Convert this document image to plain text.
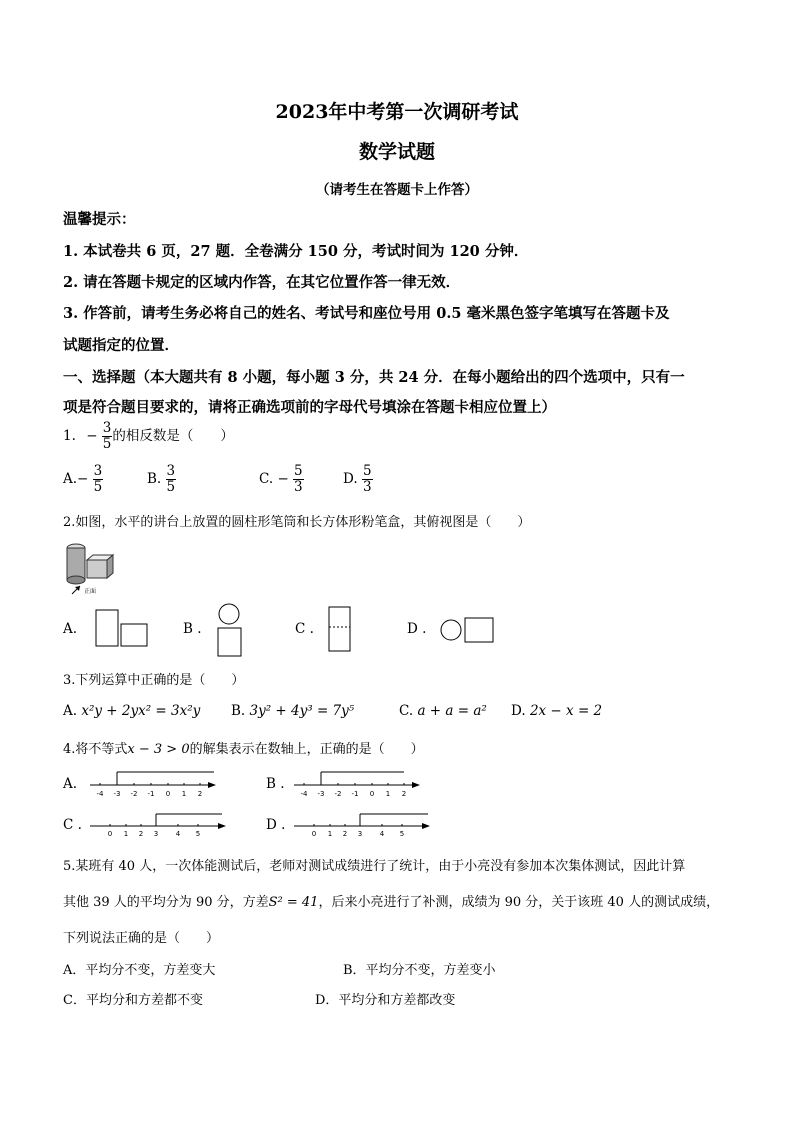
2023年中考第一次调研考试
数学试题
（请考生在答题卡上作答）
温馨提示：
1. 本试卷共 6 页，27 题．全卷满分 150 分，考试时间为 120 分钟．
2. 请在答题卡规定的区域内作答，在其它位置作答一律无效．
3. 作答前，请考生务必将自己的姓名、考试号和座位号用 0.5 毫米黑色签字笔填写在答题卡及
试题指定的位置．
一、选择题（本大题共有 8 小题，每小题 3 分，共 24 分．在每小题给出的四个选项中，只有一
项是符合题目要求的，请将正确选项前的字母代号填涂在答题卡相应位置上）
1. − $\frac{3}{5}$ 的相反数是（　　）
$A.- \frac{3}{5}$	B. $\frac{3}{5}$	C. − $\frac{5}{3}$	D. $\frac{5}{3}$
2.如图，水平的讲台上放置的圆柱形笔筒和长方体形粉笔盒，其俯视图是（　　）
正面
A.	B .	C .	D .
3.下列运算中正确的是（　　）
A. x²y + 2yx² = 3x²y B. 3y² + 4y³ = 7y⁵	C. a + a = a² D. 2x − x = 2
4.将不等式x − 3 > 0的解集表示在数轴上，正确的是（　　）
A.
-4 -3 -2 -1 0 1 2
B .
-4 -3 -2 -1 0 1 2
C .
0 1 2 3	4 5
D .
0 1 2 3	4 5
5.某班有 40 人，一次体能测试后，老师对测试成绩进行了统计，由于小亮没有参加本次集体测试，因此计算
其他 39 人的平均分为 90 分，方差S² = 41，后来小亮进行了补测，成绩为 90 分，关于该班 40 人的测试成绩，
下列说法正确的是（　　）
A．平均分不变，方差变大	B．平均分不变，方差变小
C．平均分和方差都不变	D．平均分和方差都改变
